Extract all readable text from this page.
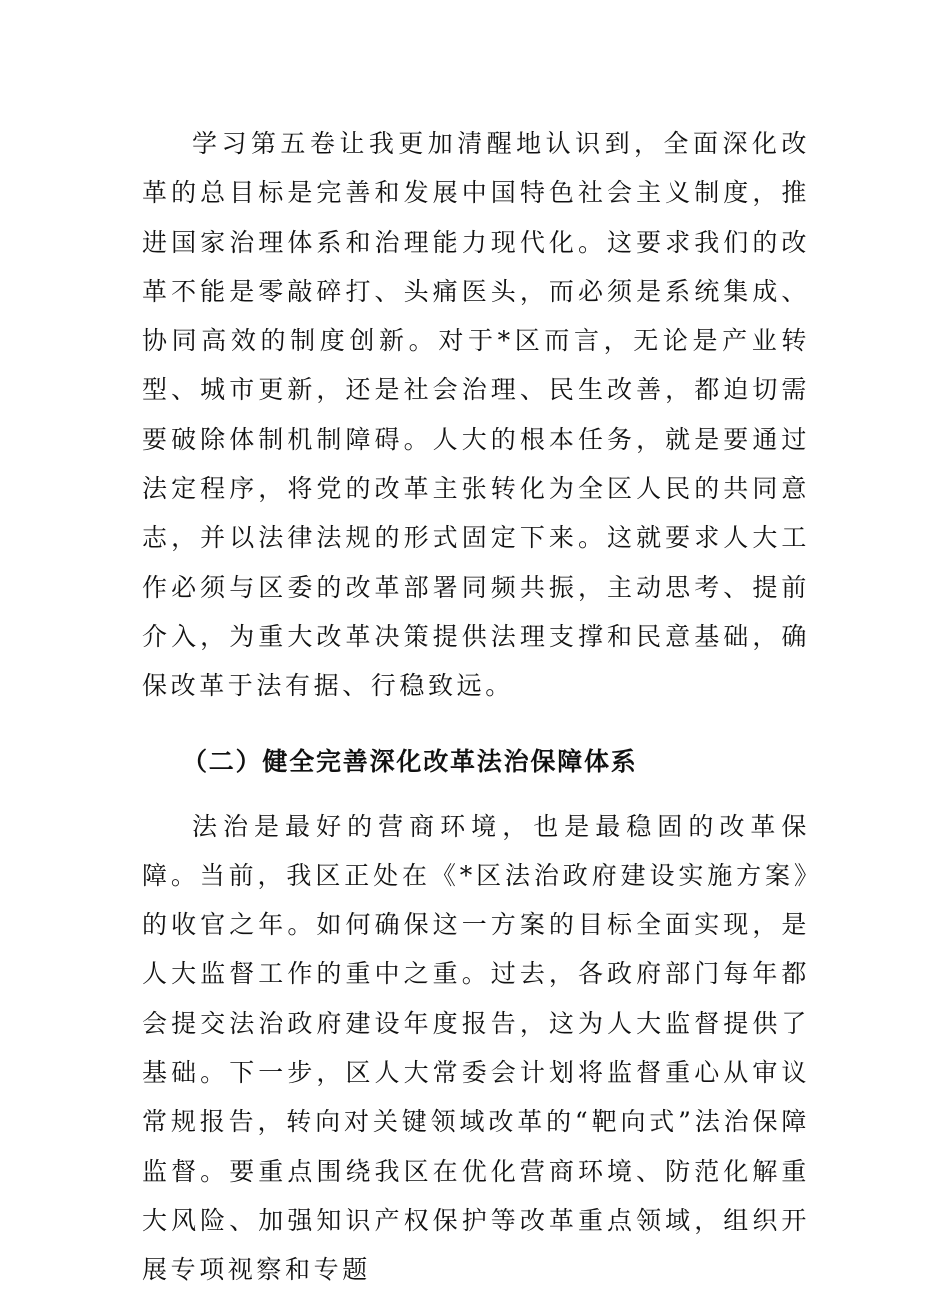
学习第五卷让我更加清醒地认识到，全面深化改革的总目标是完善和发展中国特色社会主义制度，推进国家治理体系和治理能力现代化。这要求我们的改革不能是零敲碎打、头痛医头，而必须是系统集成、协同高效的制度创新。对于*区而言，无论是产业转型、城市更新，还是社会治理、民生改善，都迫切需要破除体制机制障碍。人大的根本任务，就是要通过法定程序，将党的改革主张转化为全区人民的共同意志，并以法律法规的形式固定下来。这就要求人大工作必须与区委的改革部署同频共振，主动思考、提前介入，为重大改革决策提供法理支撑和民意基础，确保改革于法有据、行稳致远。

（二）健全完善深化改革法治保障体系

法治是最好的营商环境，也是最稳固的改革保障。当前，我区正处在《*区法治政府建设实施方案》的收官之年。如何确保这一方案的目标全面实现，是人大监督工作的重中之重。过去，各政府部门每年都会提交法治政府建设年度报告，这为人大监督提供了基础。下一步，区人大常委会计划将监督重心从审议常规报告，转向对关键领域改革的“靶向式”法治保障监督。要重点围绕我区在优化营商环境、防范化解重大风险、加强知识产权保护等改革重点领域，组织开展专项视察和专题
